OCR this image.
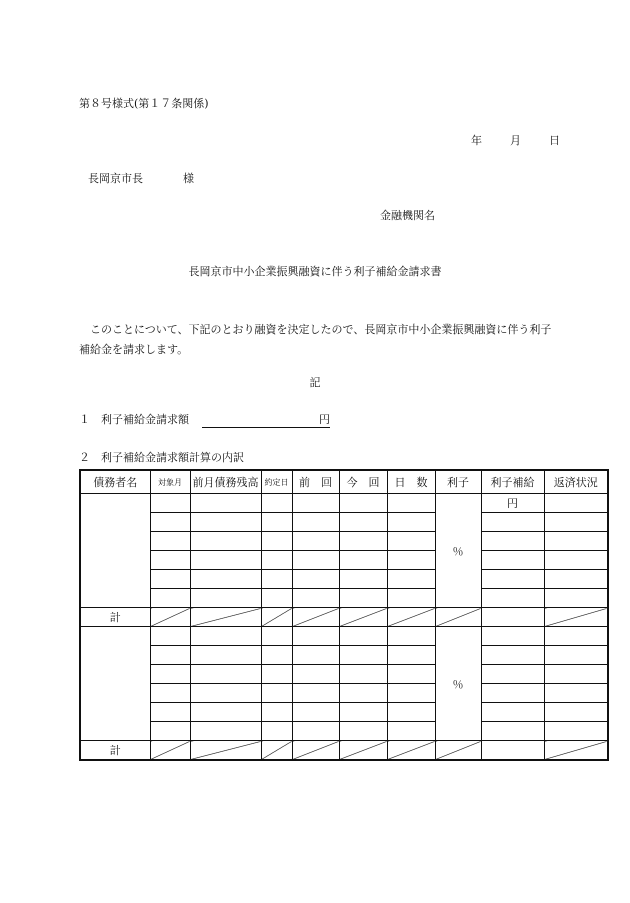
第８号様式(第１７条関係)
年	月	日
長岡京市長	様
金融機関名
長岡京市中小企業振興融資に伴う利子補給金請求書
このことについて、下記のとおり融資を決定したので、長岡京市中小企業振興融資に伴う利子補給金を請求します。
記
１　利子補給金請求額	円
２　利子補給金請求額計算の内訳
債務者名	対象月	前月債務残高	約定日	前　回	今　回	日　数	利子	利子補給	返済状況
							％	円	

計									
							％		

計									
